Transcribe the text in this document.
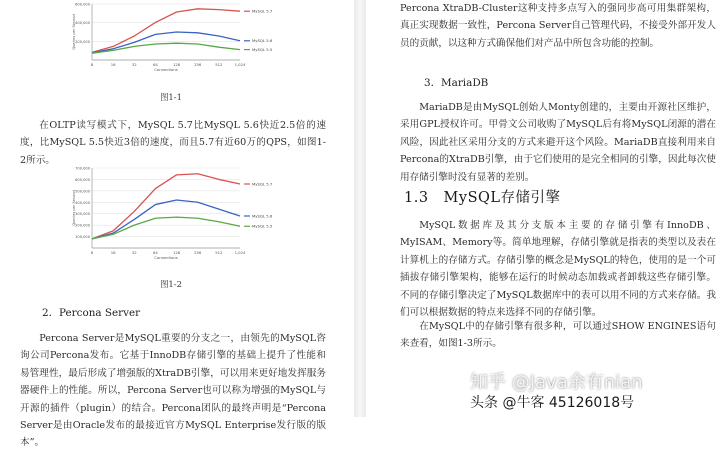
200,000
400,000
600,000
8	16	32	64	128	256	512	1,024
Connections
Queries per Second
MySQL 5.7
MySQL 5.6
MySQL 5.5
图1-1

在OLTP读写模式下，MySQL 5.7比MySQL 5.6快近2.5倍的速度，比MySQL 5.5快近3倍的速度，而且5.7有近60万的QPS，如图1-2所示。

100,000
200,000
300,000
400,000
500,000
600,000
700,000
8	16	32	64	128	256	512	1,024
Connections
Queries per Second
MySQL 5.7
MySQL 5.6
MySQL 5.5
图1-2
2．Percona Server

Percona Server是MySQL重要的分支之一，由领先的MySQL咨询公司Percona发布。它基于InnoDB存储引擎的基础上提升了性能和易管理性，最后形成了增强版的XtraDB引擎，可以用来更好地发挥服务器硬件上的性能。所以，Percona Server也可以称为增强的MySQL与开源的插件（plugin）的结合。Percona团队的最终声明是“Percona Server是由Oracle发布的最接近官方MySQL Enterprise发行版的版本”。

Percona XtraDB-Cluster这种支持多点写入的强同步高可用集群架构，真正实现数据一致性，Percona Server自己管理代码，不接受外部开发人员的贡献，以这种方式确保他们对产品中所包含功能的控制。

3．MariaDB

MariaDB是由MySQL创始人Monty创建的，主要由开源社区维护，采用GPL授权许可。甲骨文公司收购了MySQL后有将MySQL闭源的潜在风险，因此社区采用分支的方式来避开这个风险。MariaDB直接利用来自Percona的XtraDB引擎，由于它们使用的是完全相同的引擎，因此每次使用存储引擎时没有显著的差别。

1.3　MySQL存储引擎

MySQL数据库及其分支版本主要的存储引擎有InnoDB、MyISAM、Memory等。简单地理解，存储引擎就是指表的类型以及表在计算机上的存储方式。存储引擎的概念是MySQL的特色，使用的是一个可插拔存储引擎架构，能够在运行的时候动态加载或者卸载这些存储引擎。不同的存储引擎决定了MySQL数据库中的表可以用不同的方式来存储。我们可以根据数据的特点来选择不同的存储引擎。

在MySQL中的存储引擎有很多种，可以通过SHOW ENGINES语句来查看，如图1-3所示。

知乎 @Java余有nian
头条 @牛客 45126018号
